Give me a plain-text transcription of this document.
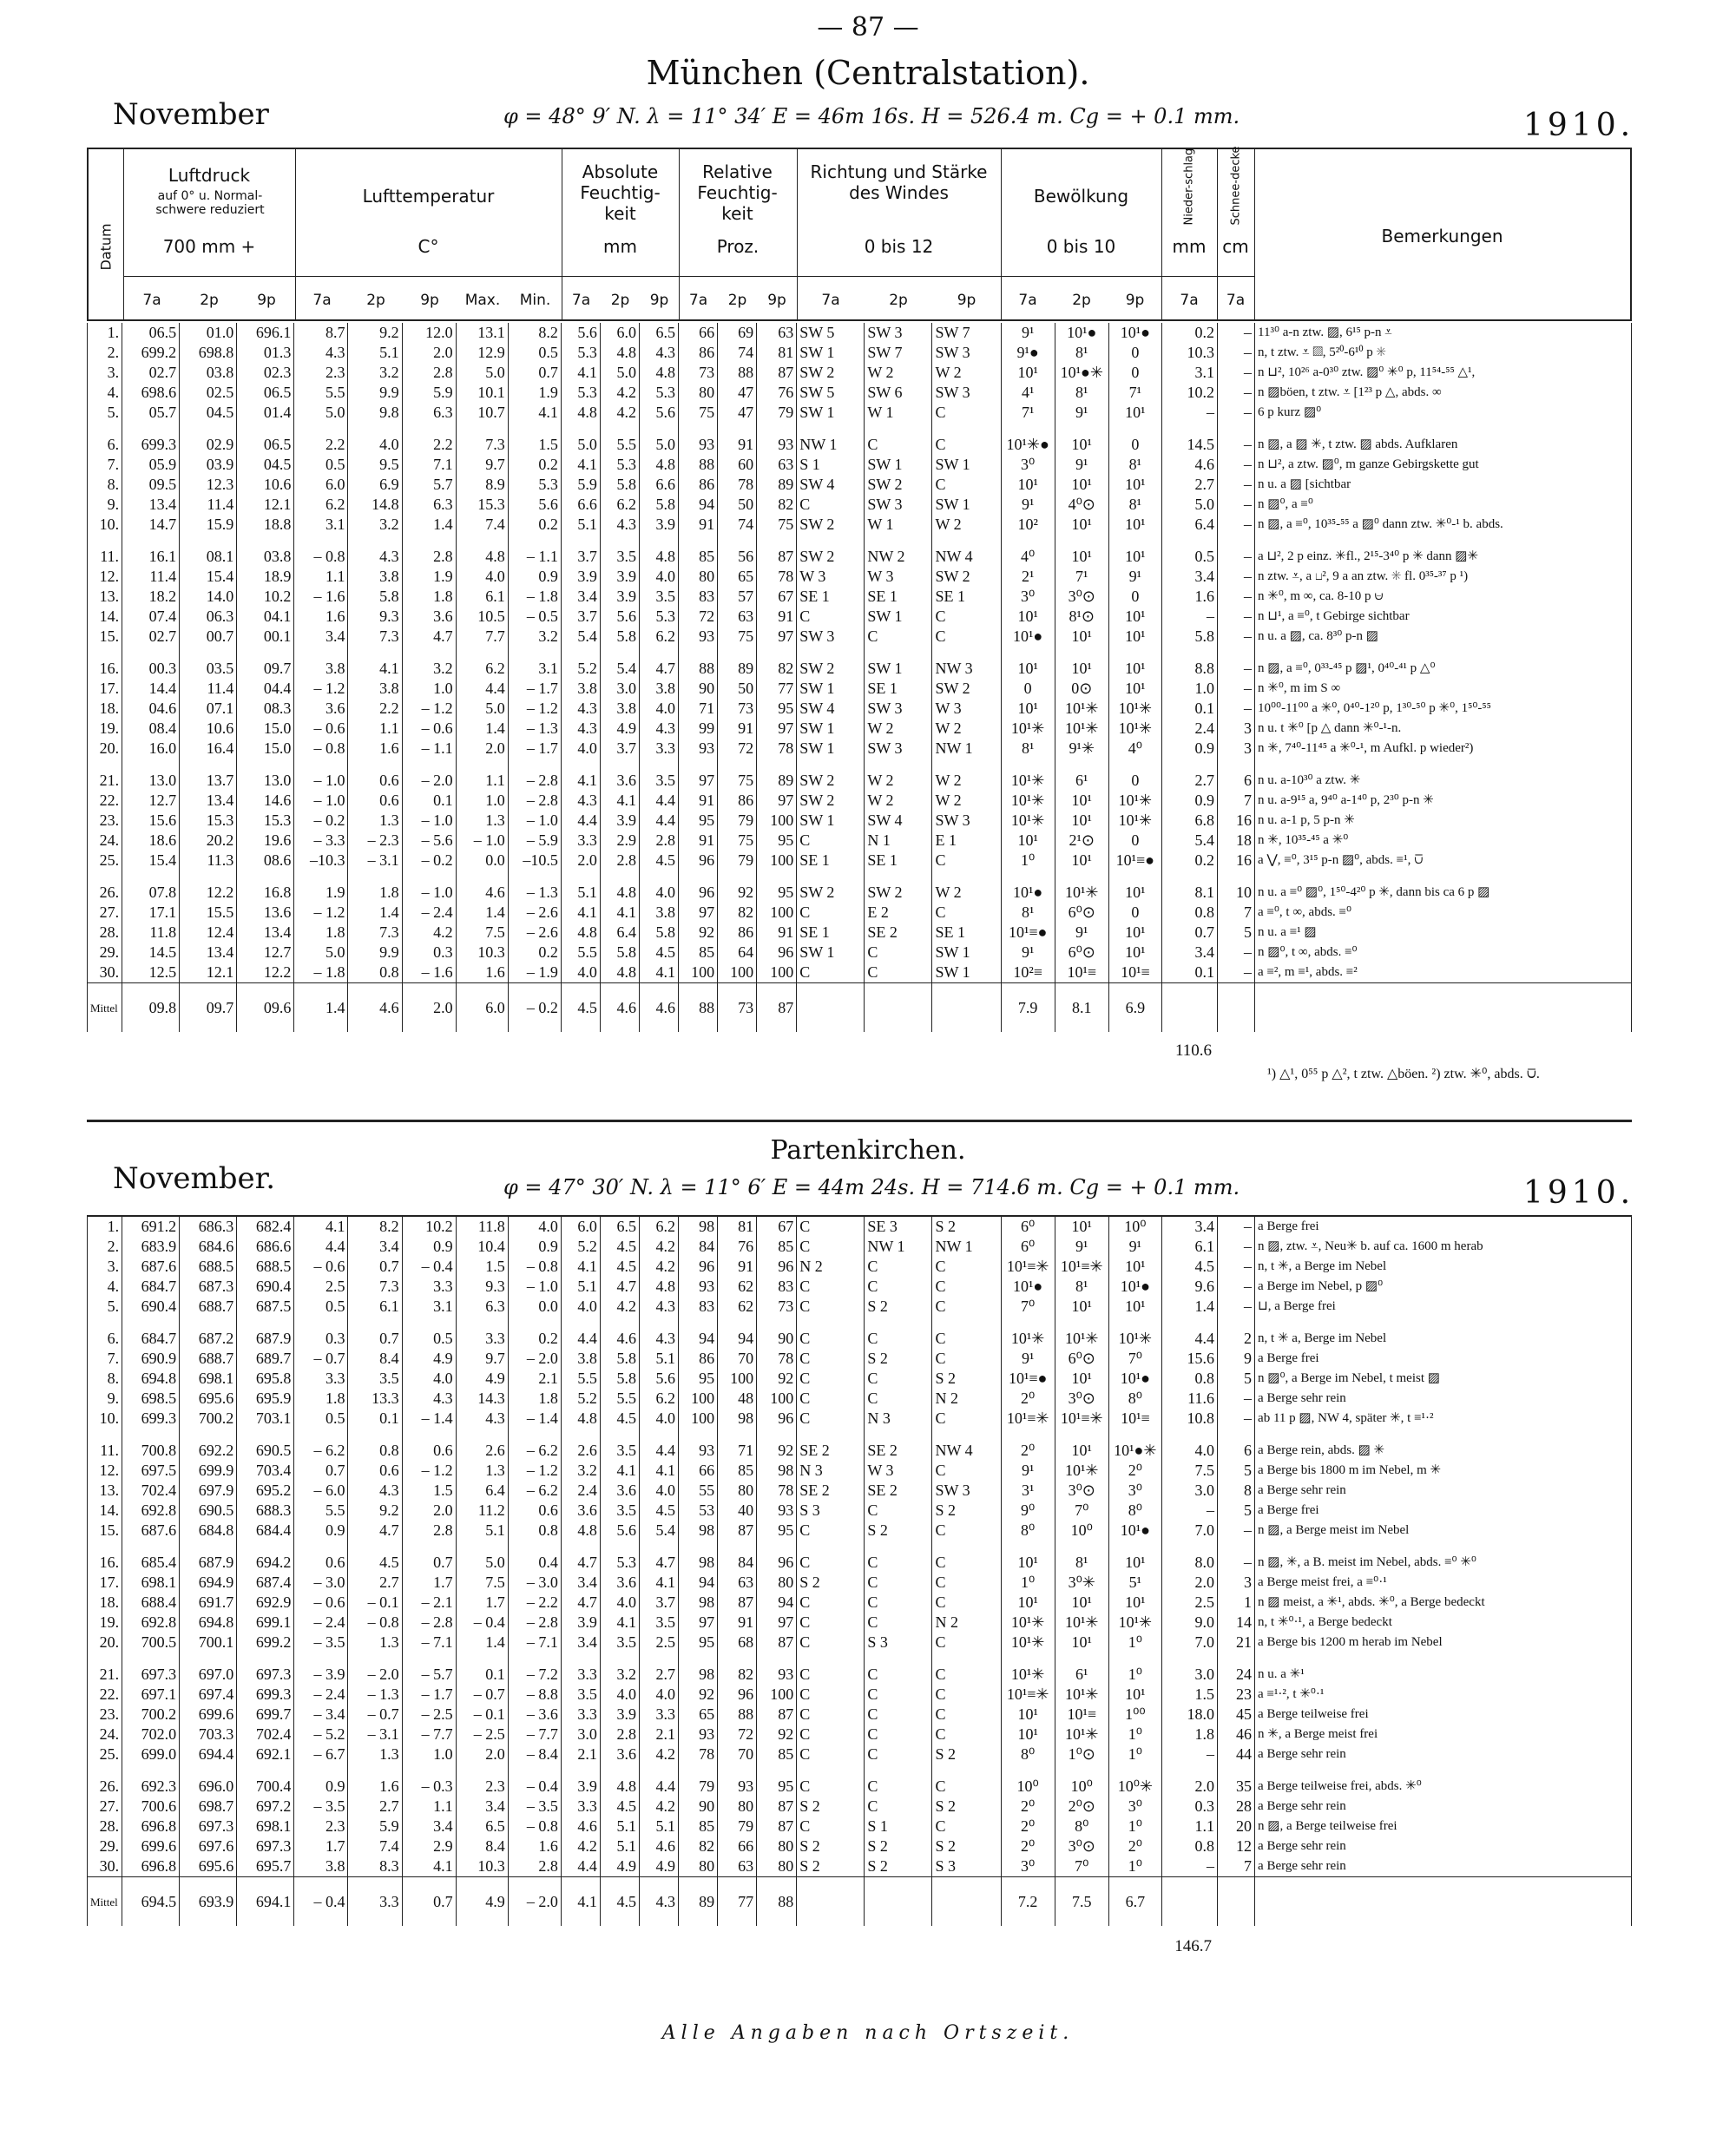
— 87 —
München (Centralstation).
November	φ = 48° 9′ N. λ = 11° 34′ E = 46m 16s. H = 526.4 m. Cg = + 0.1 mm.	1910.
Datum
Luftdruck
auf 0° u. Normal-schwere reduziert
700 mm +
Lufttemperatur
C°
Absolute Feuchtig-keit
mm
Relative Feuchtig-keit
Proz.
Richtung und Stärke des Windes
0 bis 12
Bewölkung
0 bis 10
Nieder-schlag
mm
Schnee-decke
cm	Bemerkungen
7a	2p	9p	7a	2p	9p	Max.	Min.	7a	2p	9p	7a	2p	9p	7a	2p	9p	7a	2p	9p	7a	7a
1.	06.5	01.0	696.1	8.7	9.2	12.0	13.1	8.2	5.6	6.0	6.5	66	69	63	SW 5	SW 3	SW 7	9¹	10¹●	10¹●	0.2	–	11³⁰ a-n ztw. ▨, 6¹⁵ p-n ⩡
2.	699.2	698.8	01.3	4.3	5.1	2.0	12.9	0.5	5.3	4.8	4.3	86	74	81	SW 1	SW 7	SW 3	9¹●	8¹	0	10.3	–	n, t ztw. ⩡ ▨, 5²⁰-6¹⁰ p ✳
3.	02.7	03.8	02.3	2.3	3.2	2.8	5.0	0.7	4.1	5.0	4.8	73	88	87	SW 2	W 2	W 2	10¹	10¹●✳	0	3.1	–	n ⊔², 10²⁶ a-0³⁰ ztw. ▨⁰ ✳⁰ p, 11⁵⁴-⁵⁵ △¹,
4.	698.6	02.5	06.5	5.5	9.9	5.9	10.1	1.9	5.3	4.2	5.3	80	47	76	SW 5	SW 6	SW 3	4¹	8¹	7¹	10.2	–	n ▨böen, t ztw. ⩡ [1²³ p △, abds. ∞
5.	05.7	04.5	01.4	5.0	9.8	6.3	10.7	4.1	4.8	4.2	5.6	75	47	79	SW 1	W 1	C	7¹	9¹	10¹	–	–	6 p kurz ▨⁰

6.	699.3	02.9	06.5	2.2	4.0	2.2	7.3	1.5	5.0	5.5	5.0	93	91	93	NW 1	C	C	10¹✳●	10¹	0	14.5	–	n ▨, a ▨ ✳, t ztw. ▨ abds. Aufklaren
7.	05.9	03.9	04.5	0.5	9.5	7.1	9.7	0.2	4.1	5.3	4.8	88	60	63	S 1	SW 1	SW 1	3⁰	9¹	8¹	4.6	–	n ⊔², a ztw. ▨⁰, m ganze Gebirgskette gut
8.	09.5	12.3	10.6	6.0	6.9	5.7	8.9	5.3	5.9	5.8	6.6	86	78	89	SW 4	SW 2	C	10¹	10¹	10¹	2.7	–	n u. a ▨ [sichtbar
9.	13.4	11.4	12.1	6.2	14.8	6.3	15.3	5.6	6.6	6.2	5.8	94	50	82	C	SW 3	SW 1	9¹	4⁰⊙	8¹	5.0	–	n ▨⁰, a ≡⁰
10.	14.7	15.9	18.8	3.1	3.2	1.4	7.4	0.2	5.1	4.3	3.9	91	74	75	SW 2	W 1	W 2	10²	10¹	10¹	6.4	–	n ▨, a ≡⁰, 10³⁵-⁵⁵ a ▨⁰ dann ztw. ✳⁰-¹ b. abds.

11.	16.1	08.1	03.8	– 0.8	4.3	2.8	4.8	– 1.1	3.7	3.5	4.8	85	56	87	SW 2	NW 2	NW 4	4⁰	10¹	10¹	0.5	–	a ⊔², 2 p einz. ✳fl., 2¹⁵-3⁴⁰ p ✳ dann ▨✳
12.	11.4	15.4	18.9	1.1	3.8	1.9	4.0	0.9	3.9	3.9	4.0	80	65	78	W 3	W 3	SW 2	2¹	7¹	9¹	3.4	–	n ztw. ⩡, a ⊔², 9 a an ztw. ✳ fl. 0³⁵-³⁷ p ¹)
13.	18.2	14.0	10.2	– 1.6	5.8	1.8	6.1	– 1.8	3.4	3.9	3.5	83	57	67	SE 1	SE 1	SE 1	3⁰	3⁰⊙	0	1.6	–	n ✳⁰, m ∞, ca. 8-10 p ⩁
14.	07.4	06.3	04.1	1.6	9.3	3.6	10.5	– 0.5	3.7	5.6	5.3	72	63	91	C	SW 1	C	10¹	8¹⊙	10¹	–	–	n ⊔¹, a ≡⁰, t Gebirge sichtbar
15.	02.7	00.7	00.1	3.4	7.3	4.7	7.7	3.2	5.4	5.8	6.2	93	75	97	SW 3	C	C	10¹●	10¹	10¹	5.8	–	n u. a ▨, ca. 8³⁰ p-n ▨

16.	00.3	03.5	09.7	3.8	4.1	3.2	6.2	3.1	5.2	5.4	4.7	88	89	82	SW 2	SW 1	NW 3	10¹	10¹	10¹	8.8	–	n ▨, a ≡⁰, 0³³-⁴⁵ p ▨¹, 0⁴⁰-⁴¹ p △⁰
17.	14.4	11.4	04.4	– 1.2	3.8	1.0	4.4	– 1.7	3.8	3.0	3.8	90	50	77	SW 1	SE 1	SW 2	0	0⊙	10¹	1.0	–	n ✳⁰, m im S ∞
18.	04.6	07.1	08.3	3.6	2.2	– 1.2	5.0	– 1.2	4.3	3.8	4.0	71	73	95	SW 4	SW 3	W 3	10¹	10¹✳	10¹✳	0.1	–	10⁰⁰-11⁰⁰ a ✳⁰, 0⁴⁰-1²⁰ p, 1³⁰-⁵⁰ p ✳⁰, 1⁵⁰-⁵⁵
19.	08.4	10.6	15.0	– 0.6	1.1	– 0.6	1.4	– 1.3	4.3	4.9	4.3	99	91	97	SW 1	W 2	W 2	10¹✳	10¹✳	10¹✳	2.4	3	n u. t ✳⁰ [p △ dann ✳⁰-¹-n.
20.	16.0	16.4	15.0	– 0.8	1.6	– 1.1	2.0	– 1.7	4.0	3.7	3.3	93	72	78	SW 1	SW 3	NW 1	8¹	9¹✳	4⁰	0.9	3	n ✳, 7⁴⁰-11⁴⁵ a ✳⁰-¹, m Aufkl. p wieder²)

21.	13.0	13.7	13.0	– 1.0	0.6	– 2.0	1.1	– 2.8	4.1	3.6	3.5	97	75	89	SW 2	W 2	W 2	10¹✳	6¹	0	2.7	6	n u. a-10³⁰ a ztw. ✳
22.	12.7	13.4	14.6	– 1.0	0.6	0.1	1.0	– 2.8	4.3	4.1	4.4	91	86	97	SW 2	W 2	W 2	10¹✳	10¹	10¹✳	0.9	7	n u. a-9¹⁵ a, 9⁴⁰ a-1⁴⁰ p, 2³⁰ p-n ✳
23.	15.6	15.3	15.3	– 0.2	1.3	– 1.0	1.3	– 1.0	4.4	3.9	4.4	95	79	100	SW 1	SW 4	SW 3	10¹✳	10¹	10¹✳	6.8	16	n u. a-1 p, 5 p-n ✳
24.	18.6	20.2	19.6	– 3.3	– 2.3	– 5.6	– 1.0	– 5.9	3.3	2.9	2.8	91	75	95	C	N 1	E 1	10¹	2¹⊙	0	5.4	18	n ✳, 10³⁵-⁴⁵ a ✳⁰
25.	15.4	11.3	08.6	–10.3	– 3.1	– 0.2	0.0	–10.5	2.0	2.8	4.5	96	79	100	SE 1	SE 1	C	1⁰	10¹	10¹≡●	0.2	16	a ⋁, ≡⁰, 3¹⁵ p-n ▨⁰, abds. ≡¹, ⩂

26.	07.8	12.2	16.8	1.9	1.8	– 1.0	4.6	– 1.3	5.1	4.8	4.0	96	92	95	SW 2	SW 2	W 2	10¹●	10¹✳	10¹	8.1	10	n u. a ≡⁰ ▨⁰, 1⁵⁰-4²⁰ p ✳, dann bis ca 6 p ▨
27.	17.1	15.5	13.6	– 1.2	1.4	– 2.4	1.4	– 2.6	4.1	4.1	3.8	97	82	100	C	E 2	C	8¹	6⁰⊙	0	0.8	7	a ≡⁰, t ∞, abds. ≡⁰
28.	11.8	12.4	13.4	1.8	7.3	4.2	7.5	– 2.6	4.8	6.4	5.8	92	86	91	SE 1	SE 2	SE 1	10¹≡●	9¹	10¹	0.7	5	n u. a ≡¹ ▨
29.	14.5	13.4	12.7	5.0	9.9	0.3	10.3	0.2	5.5	5.8	4.5	85	64	96	SW 1	C	SW 1	9¹	6⁰⊙	10¹	3.4	–	n ▨⁰, t ∞, abds. ≡⁰
30.	12.5	12.1	12.2	– 1.8	0.8	– 1.6	1.6	– 1.9	4.0	4.8	4.1	100	100	100	C	C	SW 1	10²≡	10¹≡	10¹≡	0.1	–	a ≡², m ≡¹, abds. ≡²
Mittel	09.8	09.7	09.6	1.4	4.6	2.0	6.0	– 0.2	4.5	4.6	4.6	88	73	87				7.9	8.1	6.9			
110.6
¹) △¹, 0⁵⁵ p △², t ztw. △böen. ²) ztw. ✳⁰, abds. ⩂.
Partenkirchen.
November.	φ = 47° 30′ N. λ = 11° 6′ E = 44m 24s. H = 714.6 m. Cg = + 0.1 mm.	1910.
1.	691.2	686.3	682.4	4.1	8.2	10.2	11.8	4.0	6.0	6.5	6.2	98	81	67	C	SE 3	S 2	6⁰	10¹	10⁰	3.4	–	a Berge frei
2.	683.9	684.6	686.6	4.4	3.4	0.9	10.4	0.9	5.2	4.5	4.2	84	76	85	C	NW 1	NW 1	6⁰	9¹	9¹	6.1	–	n ▨, ztw. ⩡, Neu✳ b. auf ca. 1600 m herab
3.	687.6	688.5	688.5	– 0.6	0.7	– 0.4	1.5	– 0.8	4.1	4.5	4.2	96	91	96	N 2	C	C	10¹≡✳	10¹≡✳	10¹	4.5	–	n, t ✳, a Berge im Nebel
4.	684.7	687.3	690.4	2.5	7.3	3.3	9.3	– 1.0	5.1	4.7	4.8	93	62	83	C	C	C	10¹●	8¹	10¹●	9.6	–	a Berge im Nebel, p ▨⁰
5.	690.4	688.7	687.5	0.5	6.1	3.1	6.3	0.0	4.0	4.2	4.3	83	62	73	C	S 2	C	7⁰	10¹	10¹	1.4	–	⊔, a Berge frei

6.	684.7	687.2	687.9	0.3	0.7	0.5	3.3	0.2	4.4	4.6	4.3	94	94	90	C	C	C	10¹✳	10¹✳	10¹✳	4.4	2	n, t ✳ a, Berge im Nebel
7.	690.9	688.7	689.7	– 0.7	8.4	4.9	9.7	– 2.0	3.8	5.8	5.1	86	70	78	C	S 2	C	9¹	6⁰⊙	7⁰	15.6	9	a Berge frei
8.	694.8	698.1	695.8	3.3	3.5	4.0	4.9	2.1	5.5	5.8	5.6	95	100	92	C	C	S 2	10¹≡●	10¹	10¹●	0.8	5	n ▨⁰, a Berge im Nebel, t meist ▨
9.	698.5	695.6	695.9	1.8	13.3	4.3	14.3	1.8	5.2	5.5	6.2	100	48	100	C	C	N 2	2⁰	3⁰⊙	8⁰	11.6	–	a Berge sehr rein
10.	699.3	700.2	703.1	0.5	0.1	– 1.4	4.3	– 1.4	4.8	4.5	4.0	100	98	96	C	N 3	C	10¹≡✳	10¹≡✳	10¹≡	10.8	–	ab 11 p ▨, NW 4, später ✳, t ≡¹·²

11.	700.8	692.2	690.5	– 6.2	0.8	0.6	2.6	– 6.2	2.6	3.5	4.4	93	71	92	SE 2	SE 2	NW 4	2⁰	10¹	10¹●✳	4.0	6	a Berge rein, abds. ▨ ✳
12.	697.5	699.9	703.4	0.7	0.6	– 1.2	1.3	– 1.2	3.2	4.1	4.1	66	85	98	N 3	W 3	C	9¹	10¹✳	2⁰	7.5	5	a Berge bis 1800 m im Nebel, m ✳
13.	702.4	697.9	695.2	– 6.0	4.3	1.5	6.4	– 6.2	2.4	3.6	4.0	55	80	78	SE 2	SE 2	SW 3	3¹	3⁰⊙	3⁰	3.0	8	a Berge sehr rein
14.	692.8	690.5	688.3	5.5	9.2	2.0	11.2	0.6	3.6	3.5	4.5	53	40	93	S 3	C	S 2	9⁰	7⁰	8⁰	–	5	a Berge frei
15.	687.6	684.8	684.4	0.9	4.7	2.8	5.1	0.8	4.8	5.6	5.4	98	87	95	C	S 2	C	8⁰	10⁰	10¹●	7.0	–	n ▨, a Berge meist im Nebel

16.	685.4	687.9	694.2	0.6	4.5	0.7	5.0	0.4	4.7	5.3	4.7	98	84	96	C	C	C	10¹	8¹	10¹	8.0	–	n ▨, ✳, a B. meist im Nebel, abds. ≡⁰ ✳⁰
17.	698.1	694.9	687.4	– 3.0	2.7	1.7	7.5	– 3.0	3.4	3.6	4.1	94	63	80	S 2	C	C	1⁰	3⁰✳	5¹	2.0	3	a Berge meist frei, a ≡⁰·¹
18.	688.4	691.7	692.9	– 0.6	– 0.1	– 2.1	1.7	– 2.2	4.7	4.0	3.7	98	87	94	C	C	C	10¹	10¹	10¹	2.5	1	n ▨ meist, a ✳¹, abds. ✳⁰, a Berge bedeckt
19.	692.8	694.8	699.1	– 2.4	– 0.8	– 2.8	– 0.4	– 2.8	3.9	4.1	3.5	97	91	97	C	C	N 2	10¹✳	10¹✳	10¹✳	9.0	14	n, t ✳⁰·¹, a Berge bedeckt
20.	700.5	700.1	699.2	– 3.5	1.3	– 7.1	1.4	– 7.1	3.4	3.5	2.5	95	68	87	C	S 3	C	10¹✳	10¹	1⁰	7.0	21	a Berge bis 1200 m herab im Nebel

21.	697.3	697.0	697.3	– 3.9	– 2.0	– 5.7	0.1	– 7.2	3.3	3.2	2.7	98	82	93	C	C	C	10¹✳	6¹	1⁰	3.0	24	n u. a ✳¹
22.	697.1	697.4	699.3	– 2.4	– 1.3	– 1.7	– 0.7	– 8.8	3.5	4.0	4.0	92	96	100	C	C	C	10¹≡✳	10¹✳	10¹	1.5	23	a ≡¹·², t ✳⁰·¹
23.	700.2	699.6	699.7	– 3.4	– 0.7	– 2.5	– 0.1	– 3.6	3.3	3.9	3.3	65	88	87	C	C	C	10¹	10¹≡	1⁰⁰	18.0	45	a Berge teilweise frei
24.	702.0	703.3	702.4	– 5.2	– 3.1	– 7.7	– 2.5	– 7.7	3.0	2.8	2.1	93	72	92	C	C	C	10¹	10¹✳	1⁰	1.8	46	n ✳, a Berge meist frei
25.	699.0	694.4	692.1	– 6.7	1.3	1.0	2.0	– 8.4	2.1	3.6	4.2	78	70	85	C	C	S 2	8⁰	1⁰⊙	1⁰	–	44	a Berge sehr rein

26.	692.3	696.0	700.4	0.9	1.6	– 0.3	2.3	– 0.4	3.9	4.8	4.4	79	93	95	C	C	C	10⁰	10⁰	10⁰✳	2.0	35	a Berge teilweise frei, abds. ✳⁰
27.	700.6	698.7	697.2	– 3.5	2.7	1.1	3.4	– 3.5	3.3	4.5	4.2	90	80	87	S 2	C	S 2	2⁰	2⁰⊙	3⁰	0.3	28	a Berge sehr rein
28.	696.8	697.3	698.1	2.3	5.9	3.4	6.5	– 0.8	4.6	5.1	5.1	85	79	87	C	S 1	C	2⁰	8⁰	1⁰	1.1	20	n ▨, a Berge teilweise frei
29.	699.6	697.6	697.3	1.7	7.4	2.9	8.4	1.6	4.2	5.1	4.6	82	66	80	S 2	S 2	S 2	2⁰	3⁰⊙	2⁰	0.8	12	a Berge sehr rein
30.	696.8	695.6	695.7	3.8	8.3	4.1	10.3	2.8	4.4	4.9	4.9	80	63	80	S 2	S 2	S 3	3⁰	7⁰	1⁰	–	7	a Berge sehr rein
Mittel	694.5	693.9	694.1	– 0.4	3.3	0.7	4.9	– 2.0	4.1	4.5	4.3	89	77	88				7.2	7.5	6.7			
146.7
Alle Angaben nach Ortszeit.
